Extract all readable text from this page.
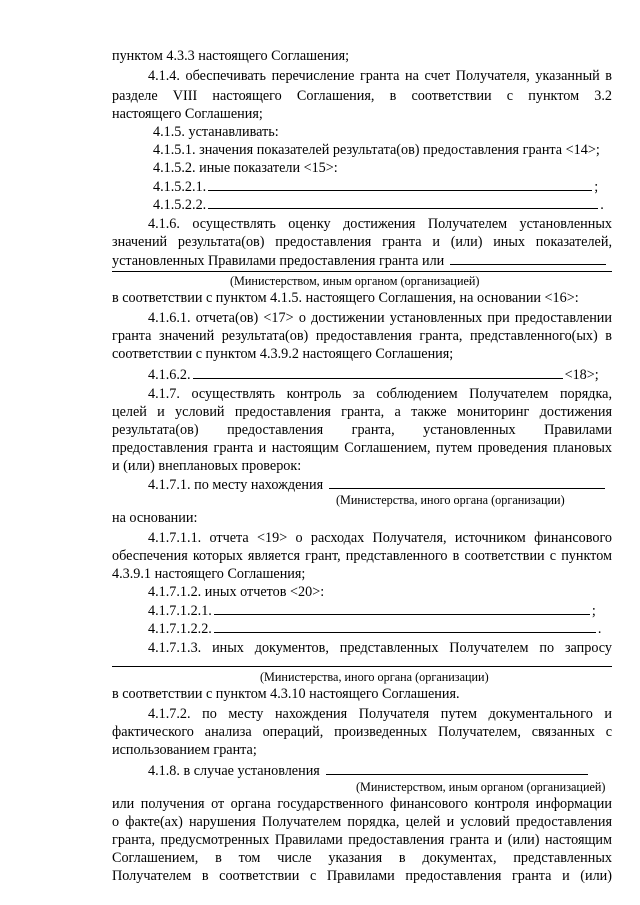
пунктом 4.3.3 настоящего Соглашения;
4.1.4. обеспечивать перечисление гранта на счет Получателя, указанный в
разделе VIII настоящего Соглашения, в соответствии с пунктом 3.2
настоящего Соглашения;
4.1.5. устанавливать:
4.1.5.1. значения показателей результата(ов) предоставления гранта <14>;
4.1.5.2. иные показатели <15>:
4.1.5.2.1.	;
4.1.5.2.2.	.
4.1.6. осуществлять оценку достижения Получателем установленных
значений результата(ов) предоставления гранта и (или) иных показателей,
установленных Правилами предоставления гранта или
(Министерством, иным органом (организацией)
в соответствии с пунктом 4.1.5. настоящего Соглашения, на основании <16>:
4.1.6.1. отчета(ов) <17> о достижении установленных при предоставлении
гранта значений результата(ов) предоставления гранта, представленного(ых) в
соответствии с пунктом 4.3.9.2 настоящего Соглашения;
4.1.6.2.	<18>;
4.1.7. осуществлять контроль за соблюдением Получателем порядка,
целей и условий предоставления гранта, а также мониторинг достижения
результата(ов) предоставления гранта, установленных Правилами
предоставления гранта и настоящим Соглашением, путем проведения плановых
и (или) внеплановых проверок:
4.1.7.1. по месту нахождения
(Министерства, иного органа (организации)
на основании:
4.1.7.1.1. отчета <19> о расходах Получателя, источником финансового
обеспечения которых является грант, представленного в соответствии с пунктом
4.3.9.1 настоящего Соглашения;
4.1.7.1.2. иных отчетов <20>:
4.1.7.1.2.1.	;
4.1.7.1.2.2.	.
4.1.7.1.3. иных документов, представленных Получателем по запросу
(Министерства, иного органа (организации)
в соответствии с пунктом 4.3.10 настоящего Соглашения.
4.1.7.2. по месту нахождения Получателя путем документального и
фактического анализа операций, произведенных Получателем, связанных с
использованием гранта;
4.1.8. в случае установления
(Министерством, иным органом (организацией)
или получения от органа государственного финансового контроля информации
о факте(ах) нарушения Получателем порядка, целей и условий предоставления
гранта, предусмотренных Правилами предоставления гранта и (или) настоящим
Соглашением, в том числе указания в документах, представленных
Получателем в соответствии с Правилами предоставления гранта и (или)
